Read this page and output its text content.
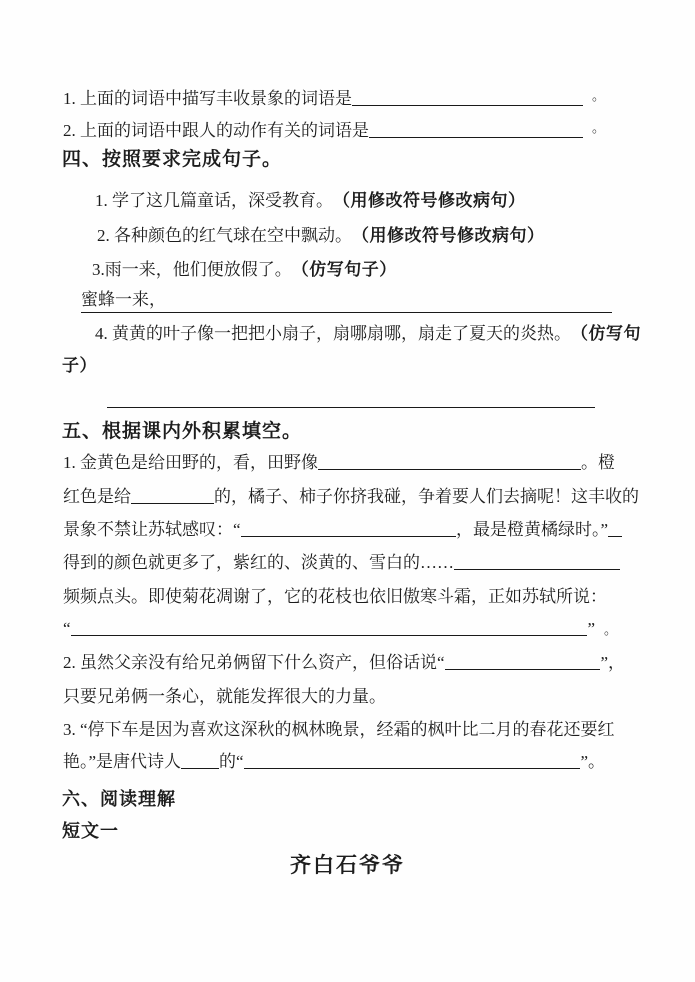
1. 上面的词语中描写丰收景象的词语是	。
2. 上面的词语中跟人的动作有关的词语是	。
四、按照要求完成句子。
1. 学了这几篇童话，深受教育。 （用修改符号修改病句）
2. 各种颜色的红气球在空中飘动。 （用修改符号修改病句）
3.雨一来，他们便放假了。 （仿写句子）
蜜蜂一来，
4. 黄黄的叶子像一把把小扇子，扇哪扇哪，扇走了夏天的炎热。 （仿写句
子）
五、根据课内外积累填空。
1. 金黄色是给田野的，看，田野像	。橙
红色是给	的，橘子、柿子你挤我碰，争着要人们去摘呢！这丰收的
景象不禁让苏轼感叹：“	，最是橙黄橘绿时。”
得到的颜色就更多了，紫红的、淡黄的、雪白的……
频频点头。即使菊花凋谢了，它的花枝也依旧傲寒斗霜，正如苏轼所说：
“	” 。
2. 虽然父亲没有给兄弟俩留下什么资产，但俗话说“	”，
只要兄弟俩一条心，就能发挥很大的力量。
3. “停下车是因为喜欢这深秋的枫林晚景，经霜的枫叶比二月的春花还要红
艳。”是唐代诗人 的“	”。
六、阅读理解
短文一
齐白石爷爷
